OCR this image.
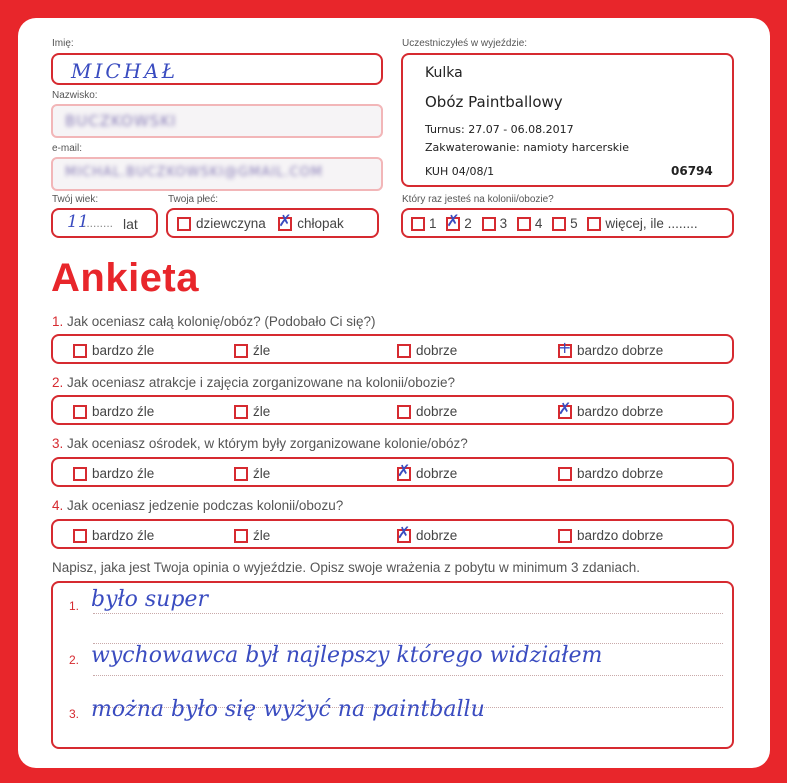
Imię:
MICHAŁ
Nazwisko:
BUCZKOWSKI
e-mail:
MICHAL.BUCZKOWSKI@GMAIL.COM
Twój wiek:
11
......... lat
Twoja płeć:
dziewczyna ✗ chłopak
Uczestniczyłeś w wyjeździe:
Kulka
Obóz Paintballowy
Turnus: 27.07 - 06.08.2017
Zakwaterowanie: namioty harcerskie
KUH 04/08/1	06794
Który raz jesteś na kolonii/obozie?
1 ✗ 2 3 4 5 więcej, ile ........
Ankieta
1. Jak oceniasz całą kolonię/obóz? (Podobało Ci się?)
bardzo źle	źle	dobrze	+ bardzo dobrze
2. Jak oceniasz atrakcje i zajęcia zorganizowane na kolonii/obozie?
bardzo źle	źle	dobrze	✗ bardzo dobrze
3. Jak oceniasz ośrodek, w którym były zorganizowane kolonie/obóz?
bardzo źle	źle	✗ dobrze	bardzo dobrze
4. Jak oceniasz jedzenie podczas kolonii/obozu?
bardzo źle	źle	✗ dobrze	bardzo dobrze
Napisz, jaka jest Twoja opinia o wyjeździe. Opisz swoje wrażenia z pobytu w minimum 3 zdaniach.
1. było super
2. wychowawca był najlepszy którego widziałem
3. można było się wyżyć na paintballu
